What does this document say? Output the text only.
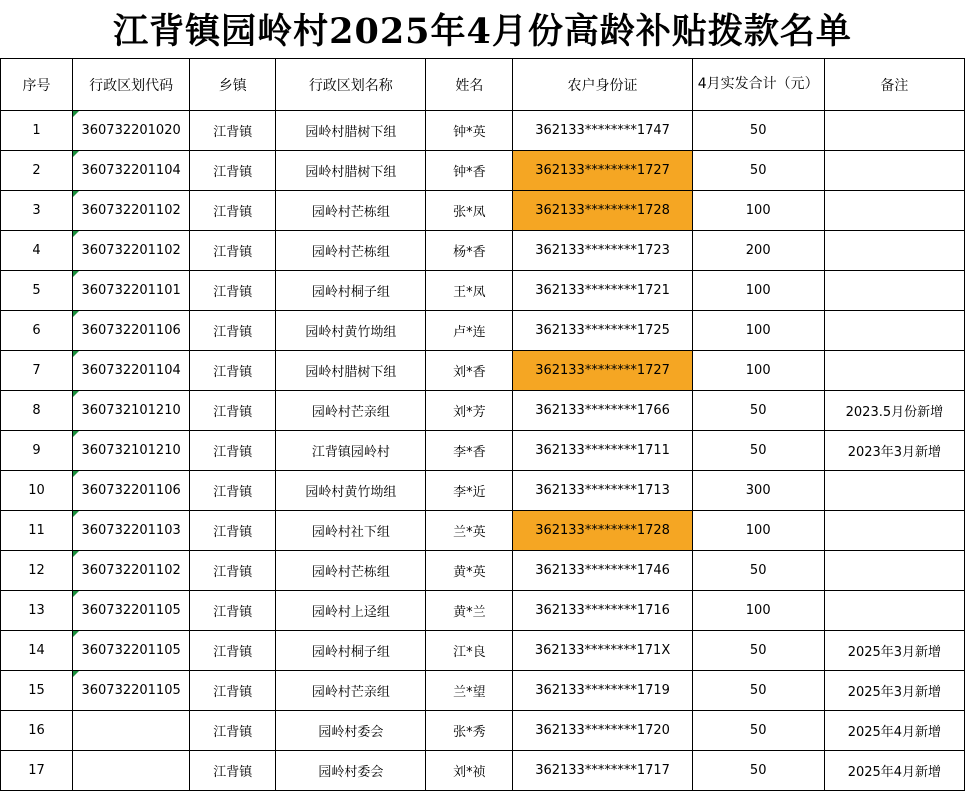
江背镇园岭村2025年4月份高龄补贴拨款名单
序号	行政区划代码	乡镇	行政区划名称	姓名	农户身份证	4月实发合计（元）	备注
1	360732201020	江背镇	园岭村腊树下组	钟*英	362133********1747	50	
2	360732201104	江背镇	园岭村腊树下组	钟*香	362133********1727	50	
3	360732201102	江背镇	园岭村芒栋组	张*凤	362133********1728	100	
4	360732201102	江背镇	园岭村芒栋组	杨*香	362133********1723	200	
5	360732201101	江背镇	园岭村桐子组	王*凤	362133********1721	100	
6	360732201106	江背镇	园岭村黄竹坳组	卢*连	362133********1725	100	
7	360732201104	江背镇	园岭村腊树下组	刘*香	362133********1727	100	
8	360732101210	江背镇	园岭村芒亲组	刘*芳	362133********1766	50	2023.5月份新增
9	360732101210	江背镇	江背镇园岭村	李*香	362133********1711	50	2023年3月新增
10	360732201106	江背镇	园岭村黄竹坳组	李*近	362133********1713	300	
11	360732201103	江背镇	园岭村社下组	兰*英	362133********1728	100	
12	360732201102	江背镇	园岭村芒栋组	黄*英	362133********1746	50	
13	360732201105	江背镇	园岭村上迳组	黄*兰	362133********1716	100	
14	360732201105	江背镇	园岭村桐子组	江*良	362133********171X	50	2025年3月新增
15	360732201105	江背镇	园岭村芒亲组	兰*望	362133********1719	50	2025年3月新增
16		江背镇	园岭村委会	张*秀	362133********1720	50	2025年4月新增
17		江背镇	园岭村委会	刘*祯	362133********1717	50	2025年4月新增
